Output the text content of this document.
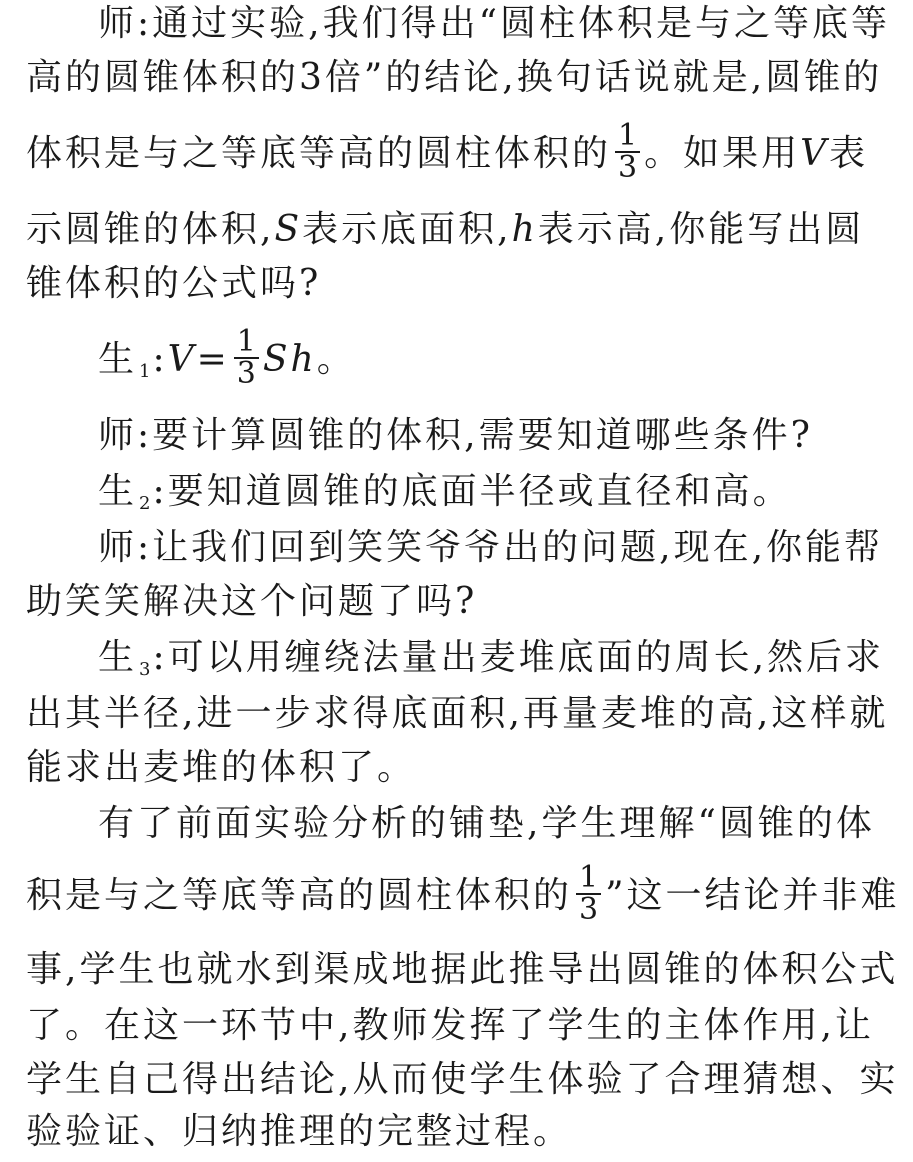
师:通过实验,我们得出“圆柱体积是与之等底等
高的圆锥体积的3倍”的结论,换句话说就是,圆锥的
体积是与之等底等高的圆柱体积的 $\frac{1}{3}$ 。如果用V表
示圆锥的体积,S表示底面积,h表示高,你能写出圆
锥体积的公式吗?
生 $_1$:V= $\frac{1}{3}$ Sh。
师:要计算圆锥的体积,需要知道哪些条件?
生 $_2$:要知道圆锥的底面半径或直径和高。
师:让我们回到笑笑爷爷出的问题,现在,你能帮
助笑笑解决这个问题了吗?
生 $_3$:可以用缠绕法量出麦堆底面的周长,然后求
出其半径,进一步求得底面积,再量麦堆的高,这样就
能求出麦堆的体积了。
有了前面实验分析的铺垫,学生理解“圆锥的体
积是与之等底等高的圆柱体积的 $\frac{1}{3}$ ”这一结论并非难
事,学生也就水到渠成地据此推导出圆锥的体积公式
了。在这一环节中,教师发挥了学生的主体作用,让
学生自己得出结论,从而使学生体验了合理猜想、实
验验证、归纳推理的完整过程。
